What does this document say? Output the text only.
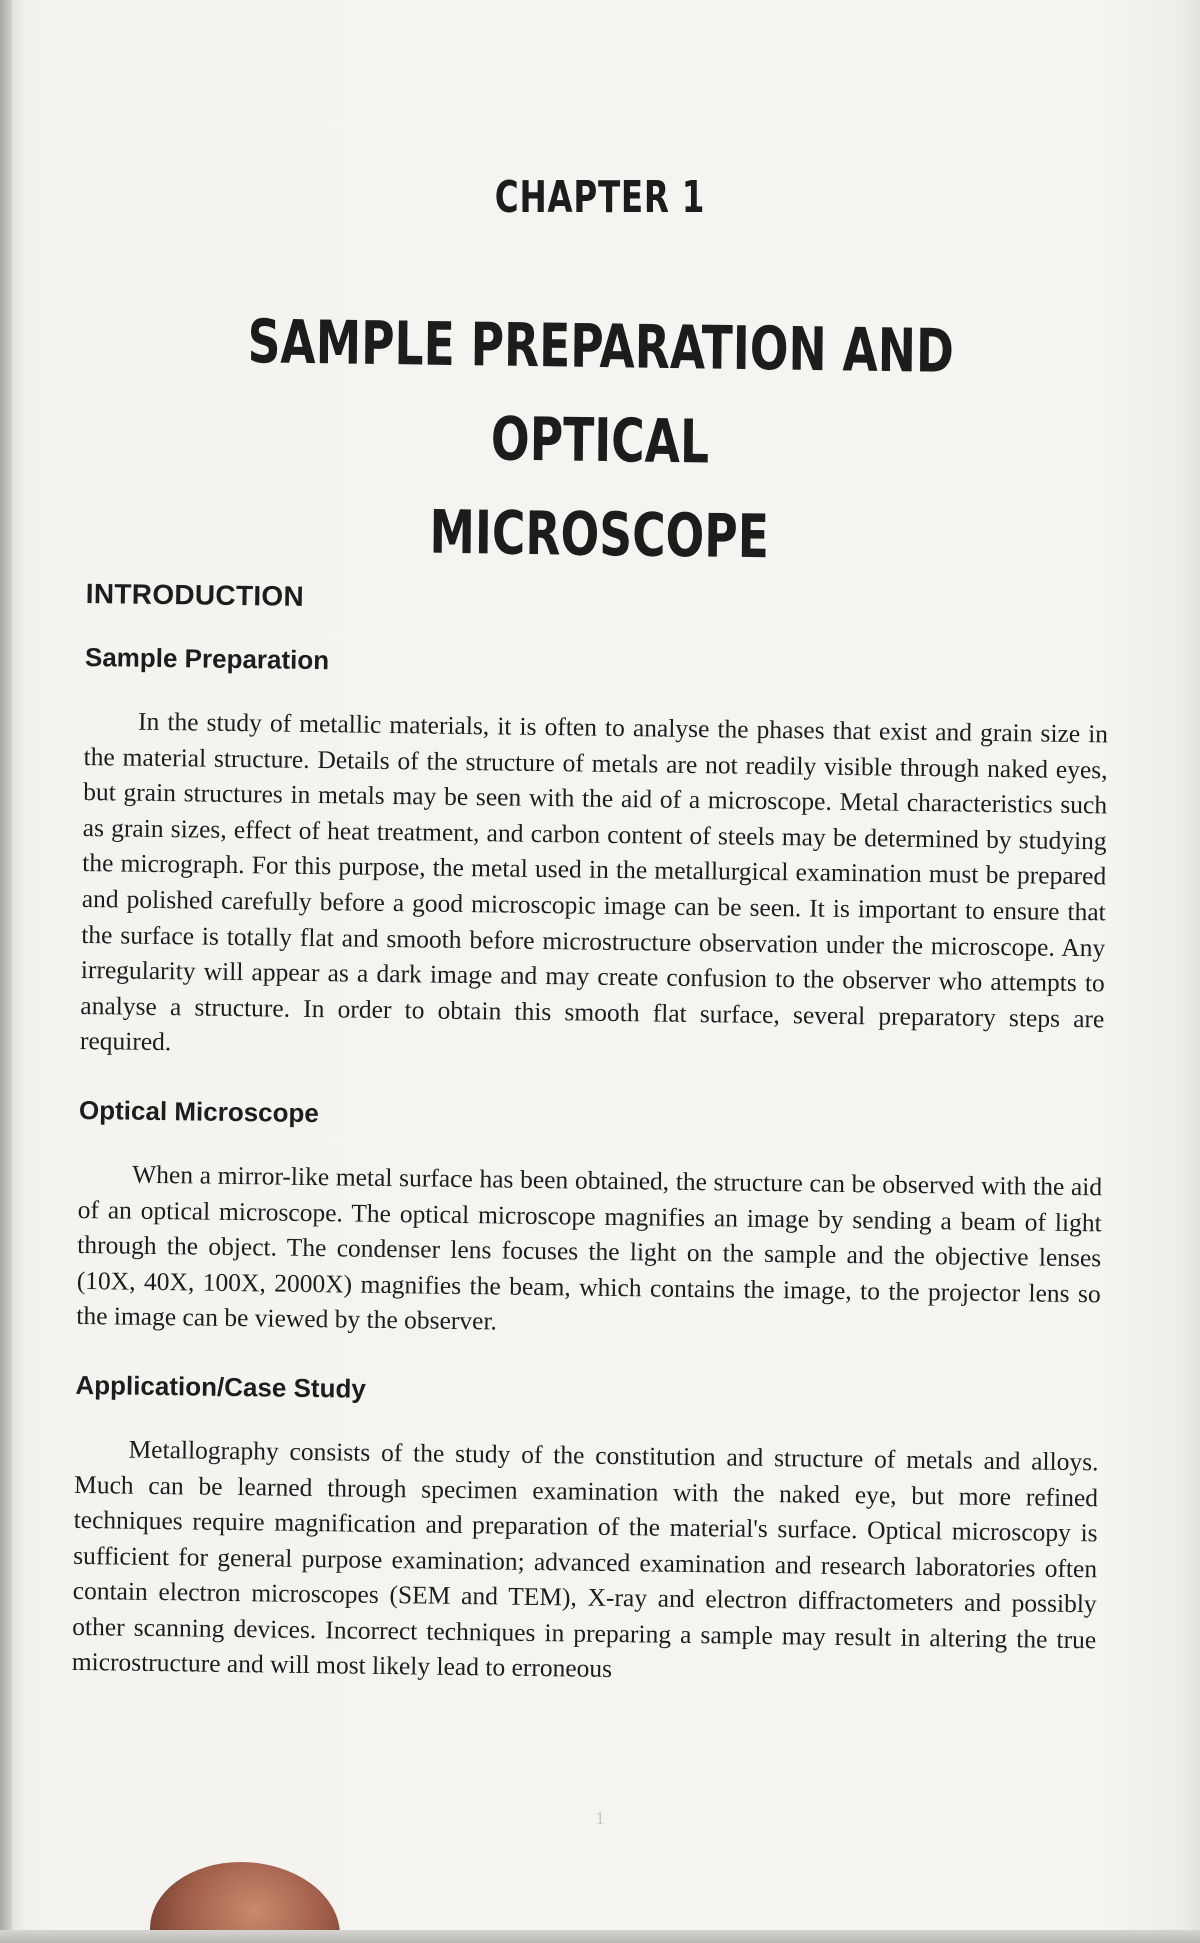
CHAPTER 1
SAMPLE PREPARATION AND OPTICAL
MICROSCOPE
INTRODUCTION
Sample Preparation

In the study of metallic materials, it is often to analyse the phases that exist and grain size in the material structure. Details of the structure of metals are not readily visible through naked eyes, but grain structures in metals may be seen with the aid of a microscope. Metal characteristics such as grain sizes, effect of heat treatment, and carbon content of steels may be determined by studying the micrograph. For this purpose, the metal used in the metallurgical examination must be prepared and polished carefully before a good microscopic image can be seen. It is important to ensure that the surface is totally flat and smooth before microstructure observation under the microscope. Any irregularity will appear as a dark image and may create confusion to the observer who attempts to analyse a structure. In order to obtain this smooth flat surface, several preparatory steps are required.

Optical Microscope

When a mirror-like metal surface has been obtained, the structure can be observed with the aid of an optical microscope. The optical microscope magnifies an image by sending a beam of light through the object. The condenser lens focuses the light on the sample and the objective lenses (10X, 40X, 100X, 2000X) magnifies the beam, which contains the image, to the projector lens so the image can be viewed by the observer.

Application/Case Study

Metallography consists of the study of the constitution and structure of metals and alloys. Much can be learned through specimen examination with the naked eye, but more refined techniques require magnification and preparation of the material's surface. Optical microscopy is sufficient for general purpose examination; advanced examination and research laboratories often contain electron microscopes (SEM and TEM), X-ray and electron diffractometers and possibly other scanning devices. Incorrect techniques in preparing a sample may result in altering the true microstructure and will most likely lead to erroneous

1
